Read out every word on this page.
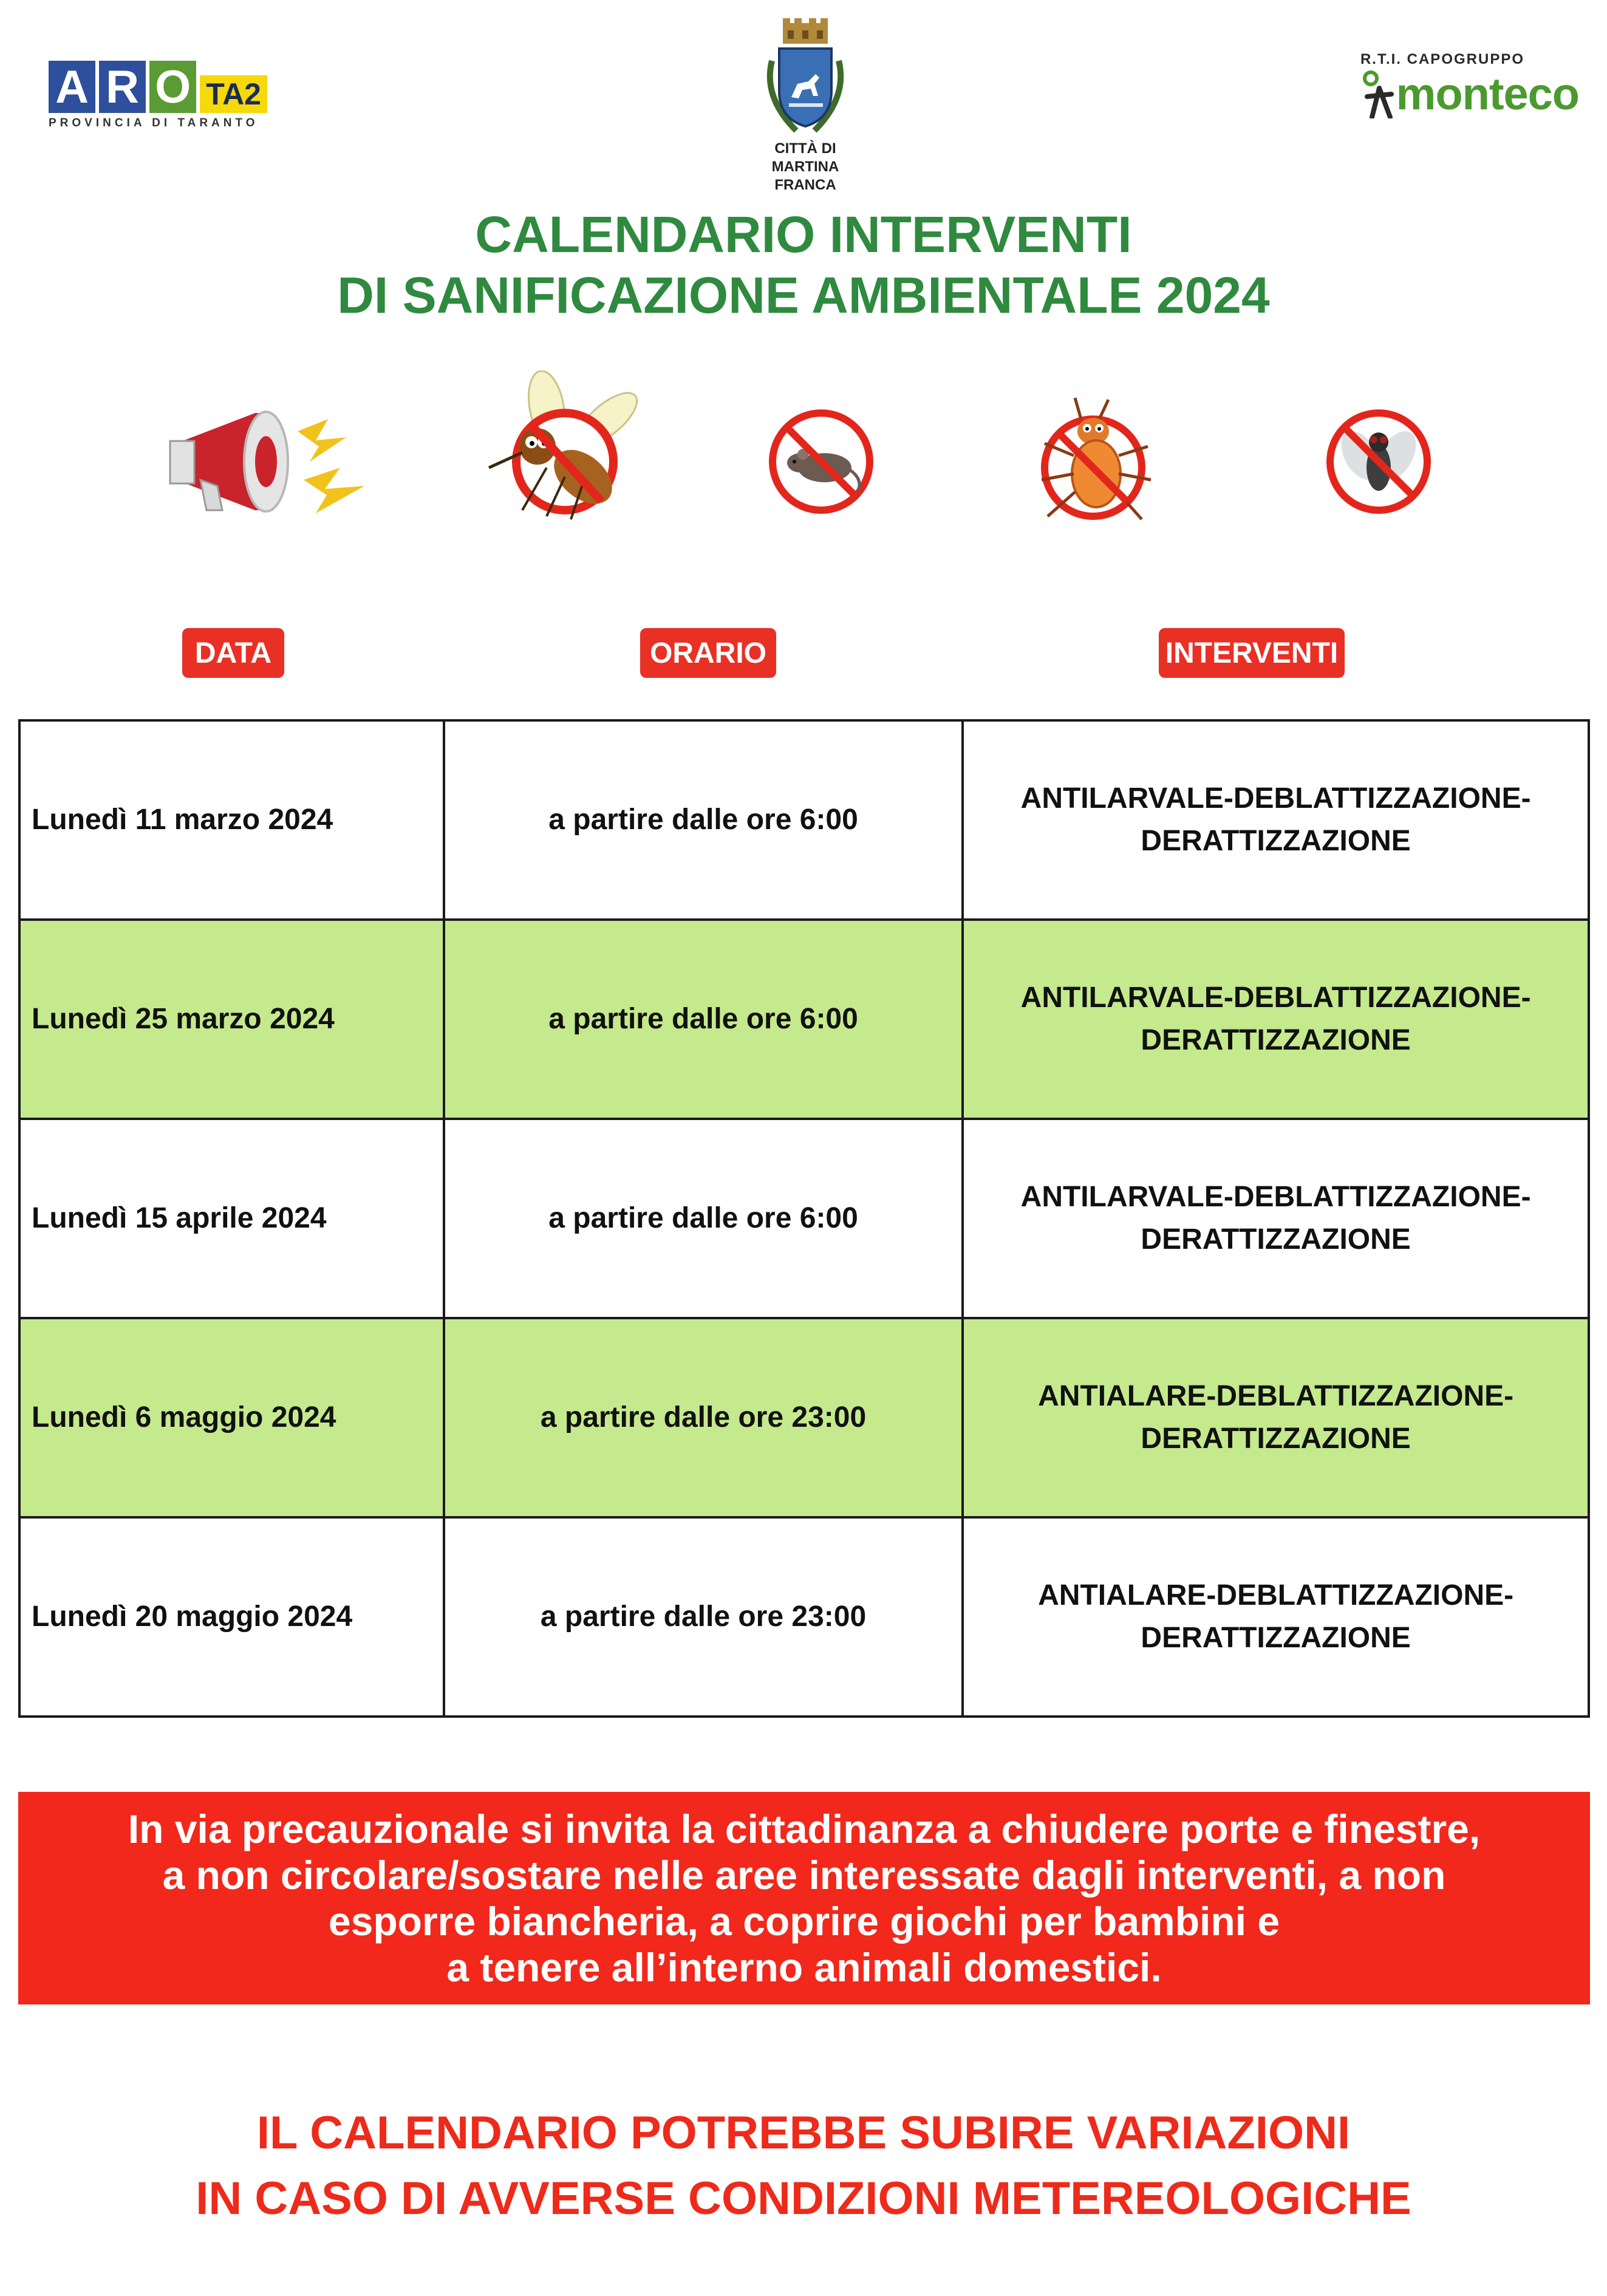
A R O TA2
PROVINCIA DI TARANTO
CITTÀ DI
MARTINA FRANCA
R.T.I. CAPOGRUPPO
monteco
CALENDARIO INTERVENTI
DI SANIFICAZIONE AMBIENTALE 2024
DATA	ORARIO	INTERVENTI
Lunedì 11 marzo 2024	a partire dalle ore 6:00	ANTILARVALE-DEBLATTIZZAZIONE-
DERATTIZZAZIONE

Lunedì 25 marzo 2024	a partire dalle ore 6:00	ANTILARVALE-DEBLATTIZZAZIONE-
DERATTIZZAZIONE

Lunedì 15 aprile 2024	a partire dalle ore 6:00	ANTILARVALE-DEBLATTIZZAZIONE-
DERATTIZZAZIONE

Lunedì 6 maggio 2024	a partire dalle ore 23:00	ANTIALARE-DEBLATTIZZAZIONE-
DERATTIZZAZIONE

Lunedì 20 maggio 2024	a partire dalle ore 23:00	ANTIALARE-DEBLATTIZZAZIONE-
DERATTIZZAZIONE
In via precauzionale si invita la cittadinanza a chiudere porte e finestre,
a non circolare/sostare nelle aree interessate dagli interventi, a non
esporre biancheria, a coprire giochi per bambini e
a tenere all’interno animali domestici.
IL CALENDARIO POTREBBE SUBIRE VARIAZIONI
IN CASO DI AVVERSE CONDIZIONI METEREOLOGICHE
